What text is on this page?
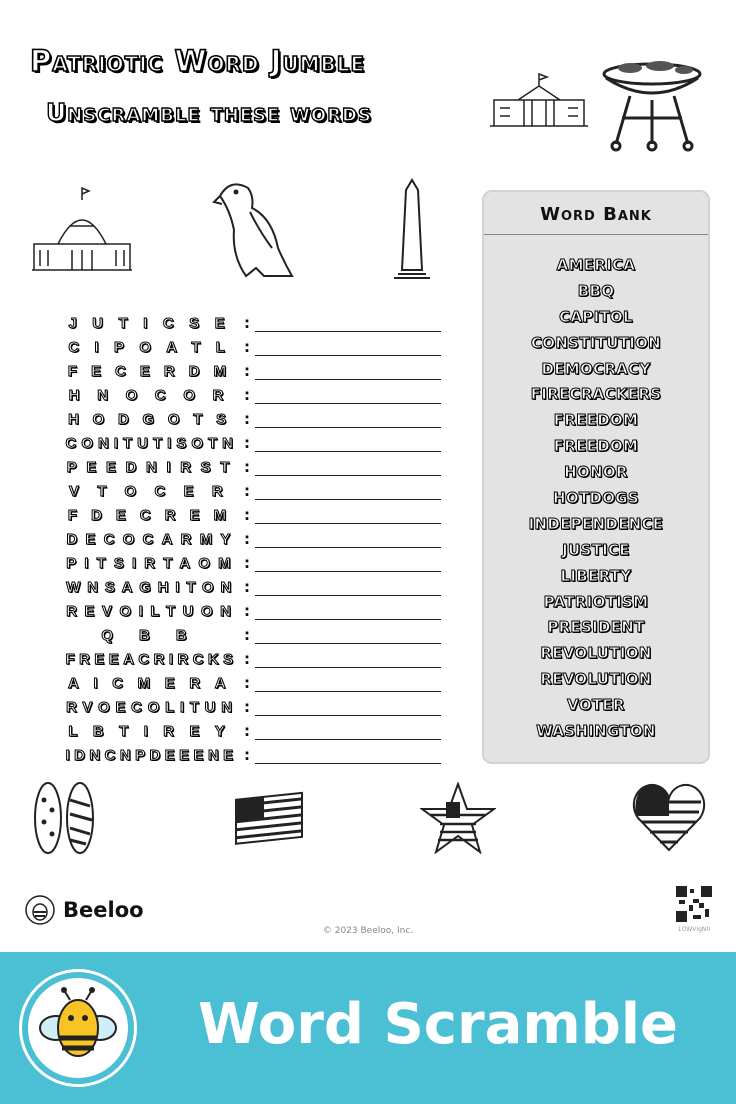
Patriotic Word Jumble
Unscramble these words
Word Bank
AMERICA
BBQ
CAPITOL
CONSTITUTION
DEMOCRACY
FIRECRACKERS
FREEDOM
FREEDOM
HONOR
HOTDOGS
INDEPENDENCE
JUSTICE
LIBERTY
PATRIOTISM
PRESIDENT
REVOLUTION
REVOLUTION
VOTER
WASHINGTON
JUTICSE :
CIPOATL :
FECERDM :
HNOCOR :
HODGOTS :
CONITUTISOTN :
PEEDNIRST :
VTOCER :
FDECREM :
DECOCARMY :
PITSIRTAOM :
WNSAGHITON :
REVOILTUON :
QBB	:
FREEACRIRCKS :
AICMERA :
RVOECOLITUN :
LBTIREY :
IDNCNPDEEENE :
Beeloo
© 2023 Beeloo, Inc.	1OWVIgN0
Word Scramble
